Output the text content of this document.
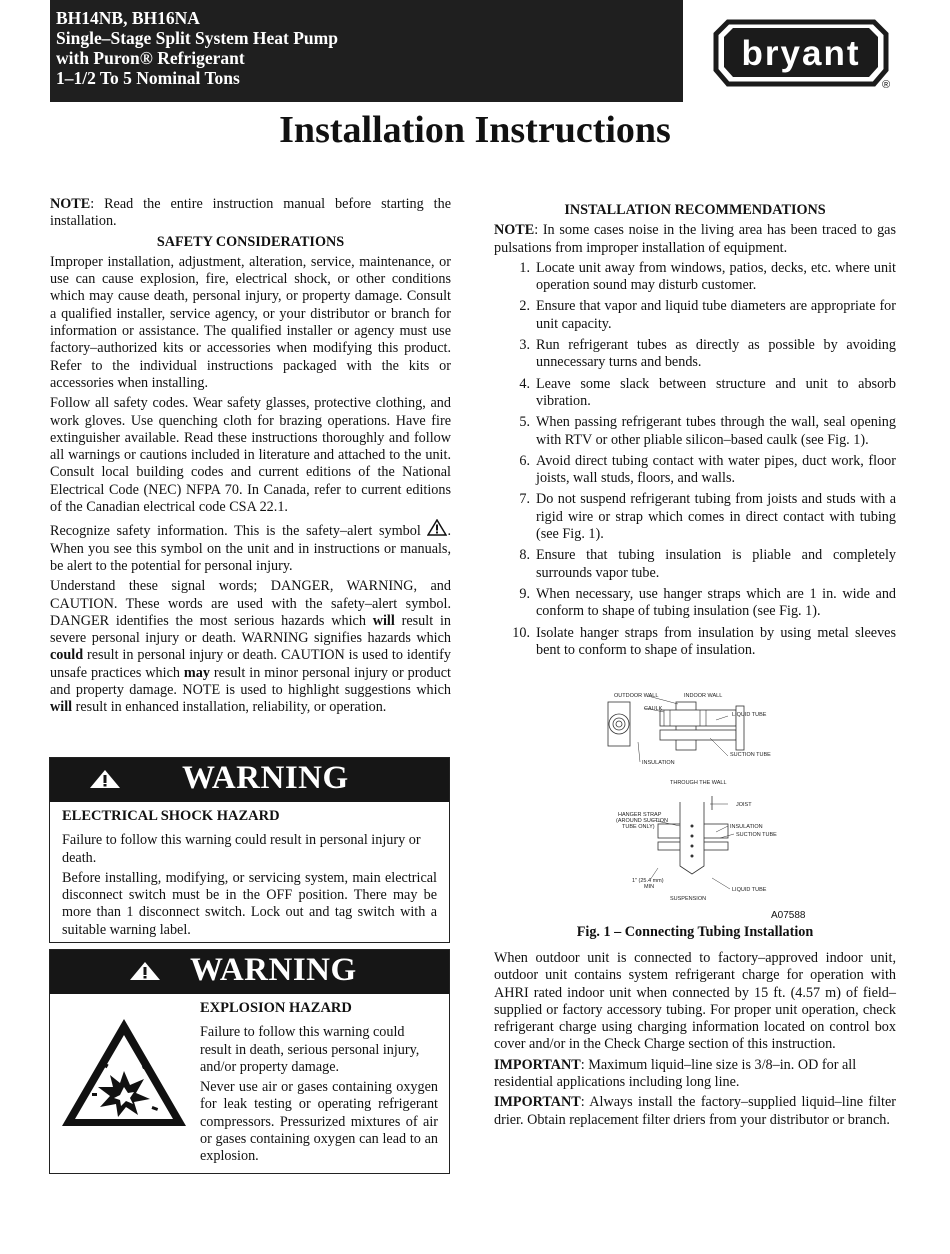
BH14NB, BH16NA
Single–Stage Split System Heat Pump
with Puron® Refrigerant
1–1/2 To 5 Nominal Tons
bryant
®
Installation Instructions
NOTE: Read the entire instruction manual before starting the installation.
SAFETY CONSIDERATIONS
Improper installation, adjustment, alteration, service, maintenance, or use can cause explosion, fire, electrical shock, or other conditions which may cause death, personal injury, or property damage. Consult a qualified installer, service agency, or your distributor or branch for information or assistance. The qualified installer or agency must use factory–authorized kits or accessories when modifying this product. Refer to the individual instructions packaged with the kits or accessories when installing.
Follow all safety codes. Wear safety glasses, protective clothing, and work gloves. Use quenching cloth for brazing operations. Have fire extinguisher available. Read these instructions thoroughly and follow all warnings or cautions included in literature and attached to the unit. Consult local building codes and current editions of the National Electrical Code (NEC) NFPA 70. In Canada, refer to current editions of the Canadian electrical code CSA 22.1.
Recognize safety information. This is the safety–alert symbol . When you see this symbol on the unit and in instructions or manuals, be alert to the potential for personal injury.
Understand these signal words; DANGER, WARNING, and CAUTION. These words are used with the safety–alert symbol. DANGER identifies the most serious hazards which will result in severe personal injury or death. WARNING signifies hazards which could result in personal injury or death. CAUTION is used to identify unsafe practices which may result in minor personal injury or product and property damage. NOTE is used to highlight suggestions which will result in enhanced installation, reliability, or operation.
WARNING
ELECTRICAL SHOCK HAZARD
Failure to follow this warning could result in personal injury or death.
Before installing, modifying, or servicing system, main electrical disconnect switch must be in the OFF position. There may be more than 1 disconnect switch. Lock out and tag switch with a suitable warning label.
WARNING
EXPLOSION HAZARD
Failure to follow this warning could result in death, serious personal injury, and/or property damage.
Never use air or gases containing oxygen for leak testing or operating refrigerant compressors. Pressurized mixtures of air or gases containing oxygen can lead to an explosion.
INSTALLATION RECOMMENDATIONS
NOTE: In some cases noise in the living area has been traced to gas pulsations from improper installation of equipment.
1. Locate unit away from windows, patios, decks, etc. where unit operation sound may disturb customer.
2. Ensure that vapor and liquid tube diameters are appropriate for unit capacity.
3. Run refrigerant tubes as directly as possible by avoiding unnecessary turns and bends.
4. Leave some slack between structure and unit to absorb vibration.
5. When passing refrigerant tubes through the wall, seal opening with RTV or other pliable silicon–based caulk (see Fig. 1).
6. Avoid direct tubing contact with water pipes, duct work, floor joists, wall studs, floors, and walls.
7. Do not suspend refrigerant tubing from joists and studs with a rigid wire or strap which comes in direct contact with tubing (see Fig. 1).
8. Ensure that tubing insulation is pliable and completely surrounds vapor tube.
9. When necessary, use hanger straps which are 1 in. wide and conform to shape of tubing insulation (see Fig. 1).
10. Isolate hanger straps from insulation by using metal sleeves bent to conform to shape of insulation.
OUTDOOR WALL	INDOOR WALL
CAULK
LIQUID TUBE
SUCTION TUBE
INSULATION
THROUGH THE WALL
JOIST
HANGER STRAP
(AROUND SUCTION
TUBE ONLY)	INSULATION
SUCTION TUBE
1" (25.4 mm)
MIN	LIQUID TUBE
SUSPENSION
A07588
Fig. 1 – Connecting Tubing Installation
When outdoor unit is connected to factory–approved indoor unit, outdoor unit contains system refrigerant charge for operation with AHRI rated indoor unit when connected by 15 ft. (4.57 m) of field–supplied or factory accessory tubing. For proper unit operation, check refrigerant charge using charging information located on control box cover and/or in the Check Charge section of this instruction.
IMPORTANT: Maximum liquid–line size is 3/8–in. OD for all residential applications including long line.
IMPORTANT: Always install the factory–supplied liquid–line filter drier. Obtain replacement filter driers from your distributor or branch.
